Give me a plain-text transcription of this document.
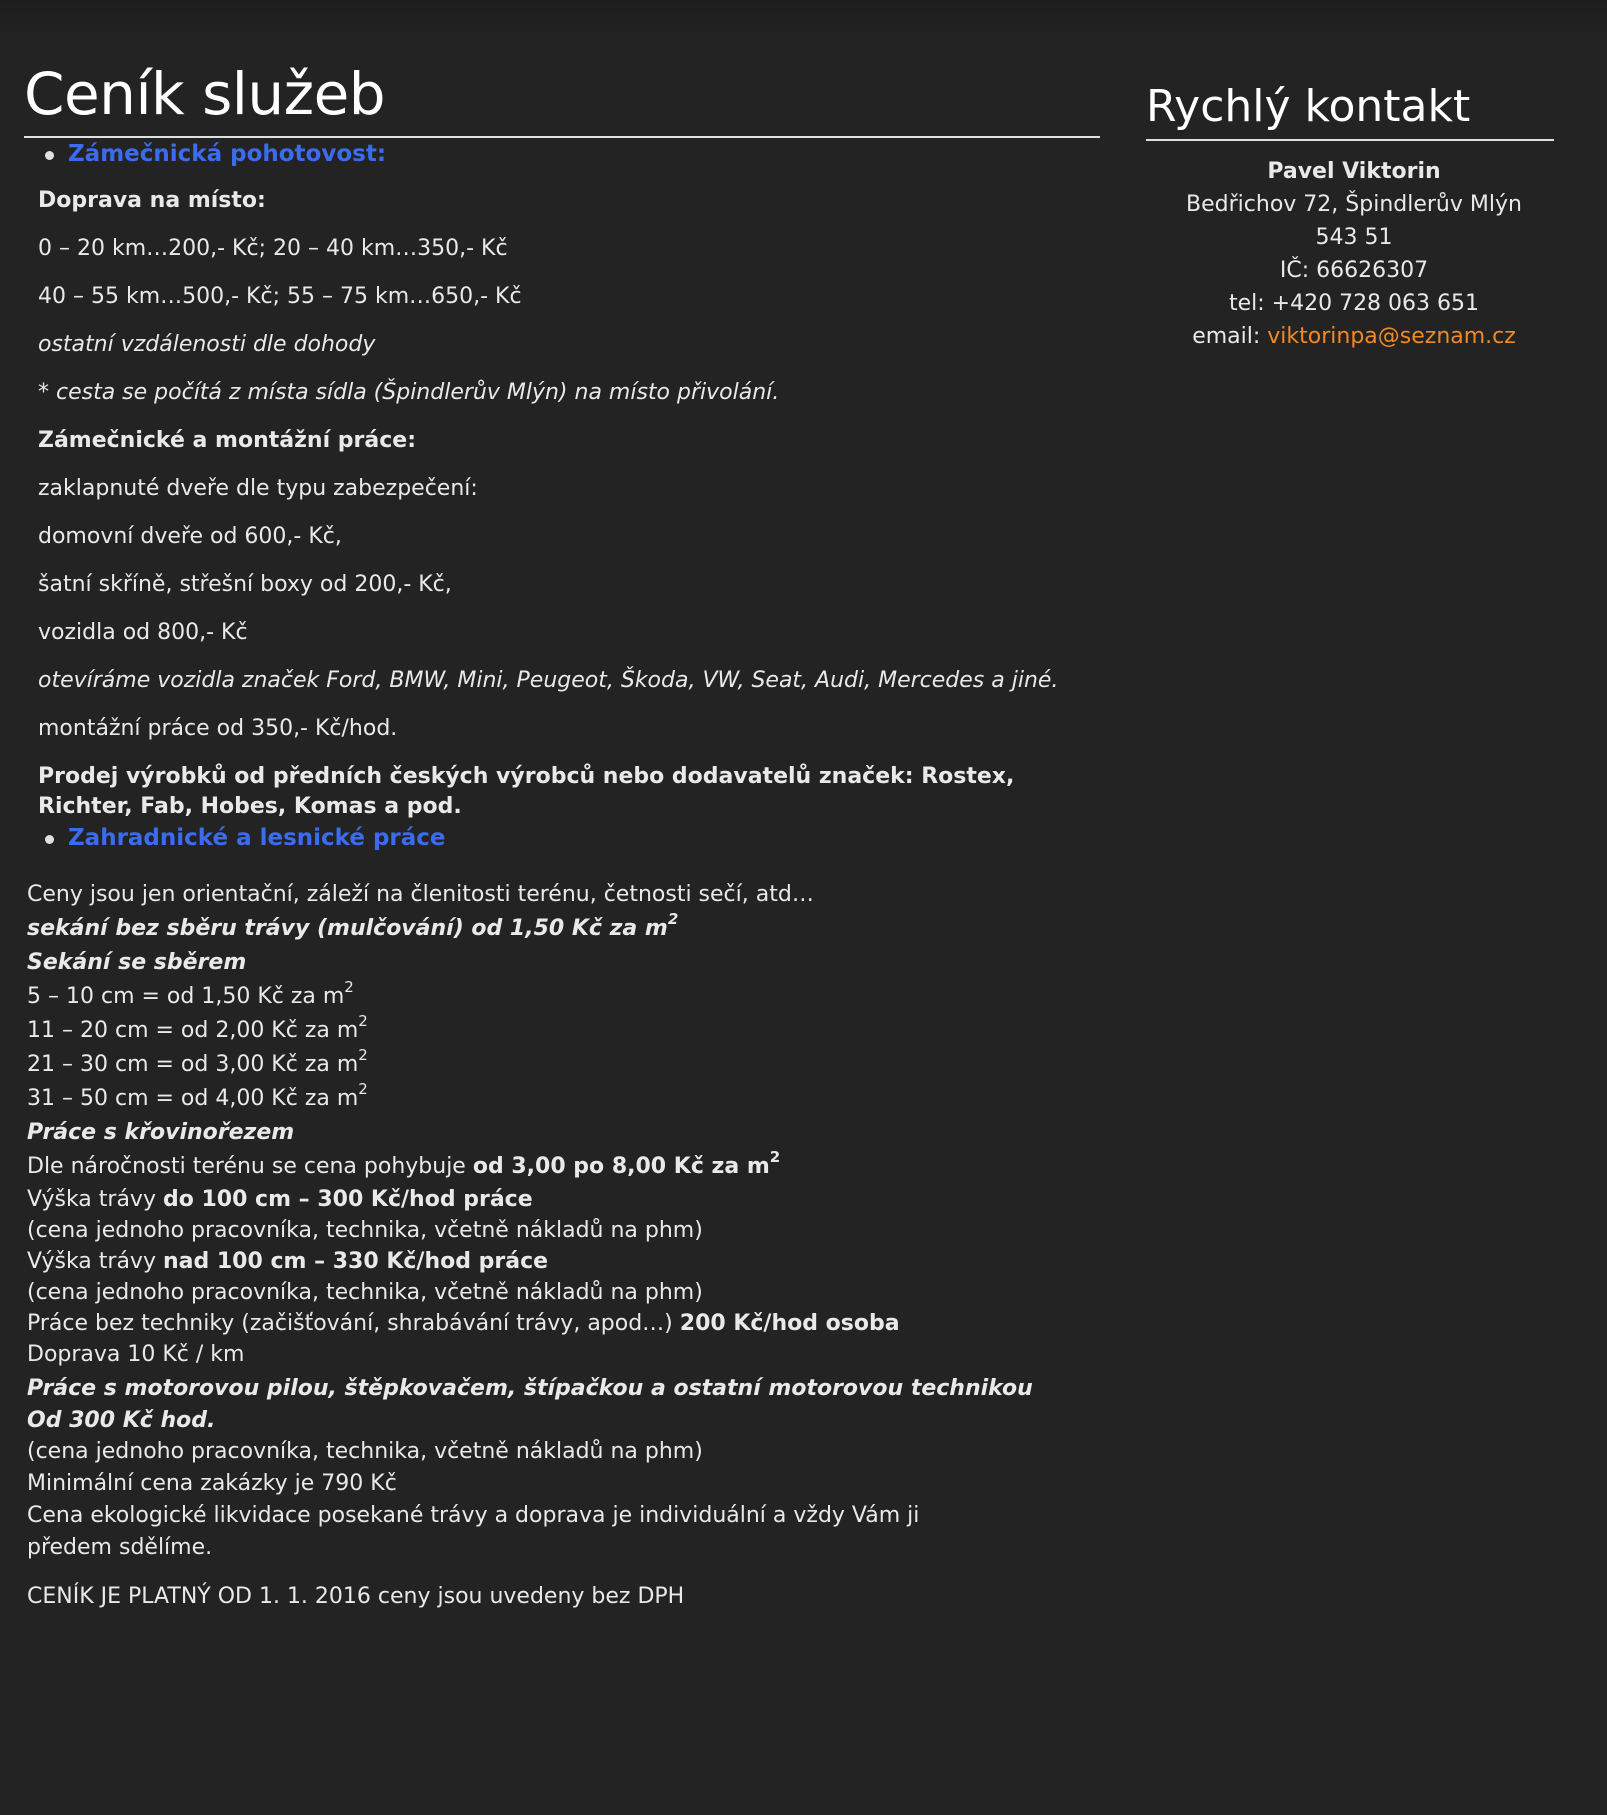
Ceník služeb
Zámečnická pohotovost:

Doprava na místo:

0 – 20 km…200,- Kč; 20 – 40 km…350,- Kč

40 – 55 km…500,- Kč; 55 – 75 km…650,- Kč

ostatní vzdálenosti dle dohody

* cesta se počítá z místa sídla (Špindlerův Mlýn) na místo přivolání.

Zámečnické a montážní práce:

zaklapnuté dveře dle typu zabezpečení:

domovní dveře od 600,- Kč,

šatní skříně, střešní boxy od 200,- Kč,

vozidla od 800,- Kč

otevíráme vozidla značek Ford, BMW, Mini, Peugeot, Škoda, VW, Seat, Audi, Mercedes a jiné.

montážní práce od 350,- Kč/hod.

Prodej výrobků od předních českých výrobců nebo dodavatelů značek: Rostex, Richter, Fab, Hobes, Komas a pod.

Zahradnické a lesnické práce

Ceny jsou jen orientační, záleží na členitosti terénu, četnosti sečí, atd…

sekání bez sběru trávy (mulčování) od 1,50 Kč za $m^2$

Sekání se sběrem

5 – 10 cm = od 1,50 Kč za $m^2$

11 – 20 cm = od 2,00 Kč za $m^2$

21 – 30 cm = od 3,00 Kč za $m^2$

31 – 50 cm = od 4,00 Kč za $m^2$

Práce s křovinořezem

Dle náročnosti terénu se cena pohybuje od 3,00 po 8,00 Kč za $m^2$

Výška trávy do 100 cm – 300 Kč/hod práce

(cena jednoho pracovníka, technika, včetně nákladů na phm)

Výška trávy nad 100 cm – 330 Kč/hod práce

(cena jednoho pracovníka, technika, včetně nákladů na phm)

Práce bez techniky (začišťování, shrabávání trávy, apod…) 200 Kč/hod osoba

Doprava 10 Kč / km

Práce s motorovou pilou, štěpkovačem, štípačkou a ostatní motorovou technikou

Od 300 Kč hod.

(cena jednoho pracovníka, technika, včetně nákladů na phm)

Minimální cena zakázky je 790 Kč

Cena ekologické likvidace posekané trávy a doprava je individuální a vždy Vám ji předem sdělíme.

CENÍK JE PLATNÝ OD 1. 1. 2016 ceny jsou uvedeny bez DPH

Rychlý kontakt
Pavel Viktorin
Bedřichov 72, Špindlerův Mlýn
543 51
IČ: 66626307
tel: +420 728 063 651
email: viktorinpa@seznam.cz
